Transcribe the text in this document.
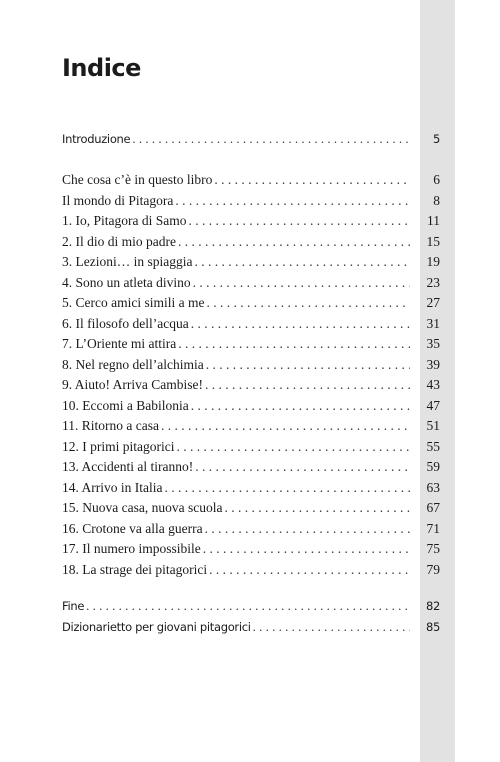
Indice
Introduzione . . .	5
Che cosa c’è in questo libro . . .	6
Il mondo di Pitagora . . .	8
1. Io, Pitagora di Samo . . .	11
2. Il dio di mio padre . . .	15
3. Lezioni… in spiaggia . . .	19
4. Sono un atleta divino . . .	23
5. Cerco amici simili a me . . .	27
6. Il filosofo dell’acqua . . .	31
7. L’Oriente mi attira . . .	35
8. Nel regno dell’alchimia . . .	39
9. Aiuto! Arriva Cambise! . . .	43
10. Eccomi a Babilonia . . .	47
11. Ritorno a casa . . .	51
12. I primi pitagorici . . .	55
13. Accidenti al tiranno! . . .	59
14. Arrivo in Italia . . .	63
15. Nuova casa, nuova scuola . . .	67
16. Crotone va alla guerra . . .	71
17. Il numero impossibile . . .	75
18. La strage dei pitagorici . . .	79
Fine . . .	82
Dizionarietto per giovani pitagorici . . .	85
